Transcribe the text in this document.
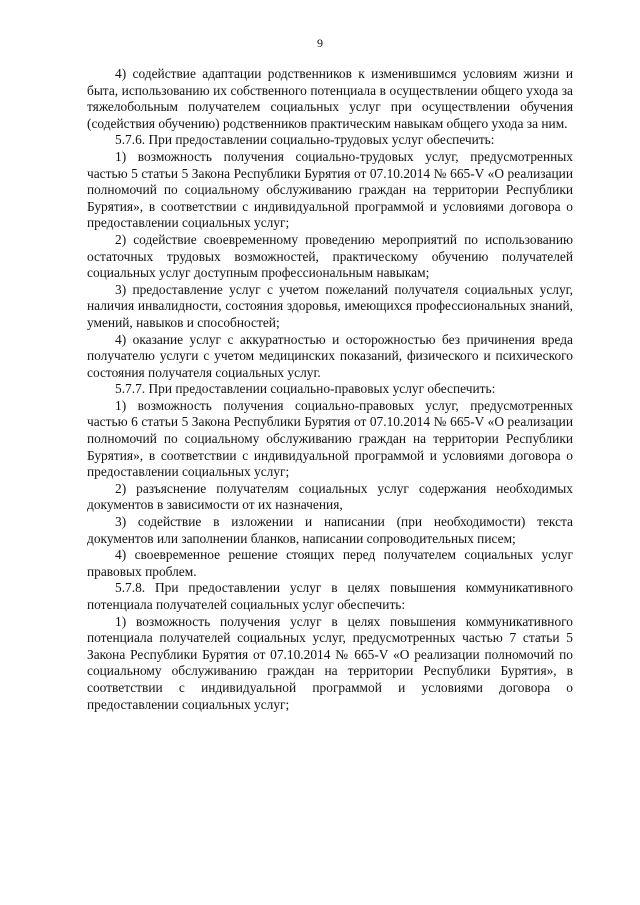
9

4) содействие адаптации родственников к изменившимся условиям жизни и быта, использованию их собственного потенциала в осуществлении общего ухода за тяжелобольным получателем социальных услуг при осуществлении обучения (содействия обучению) родственников практическим навыкам общего ухода за ним.

5.7.6. При предоставлении социально-трудовых услуг обеспечить:

1) возможность получения социально-трудовых услуг, предусмотренных частью 5 статьи 5 Закона Республики Бурятия от 07.10.2014 № 665-V «О реализации полномочий по социальному обслуживанию граждан на территории Республики Бурятия», в соответствии с индивидуальной программой и условиями договора о предоставлении социальных услуг;

2) содействие своевременному проведению мероприятий по использованию остаточных трудовых возможностей, практическому обучению получателей социальных услуг доступным профессиональным навыкам;

3) предоставление услуг с учетом пожеланий получателя социальных услуг, наличия инвалидности, состояния здоровья, имеющихся профессиональных знаний, умений, навыков и способностей;

4) оказание услуг с аккуратностью и осторожностью без причинения вреда получателю услуги с учетом медицинских показаний, физического и психического состояния получателя социальных услуг.

5.7.7. При предоставлении социально-правовых услуг обеспечить:

1) возможность получения социально-правовых услуг, предусмотренных частью 6 статьи 5 Закона Республики Бурятия от 07.10.2014 № 665-V «О реализации полномочий по социальному обслуживанию граждан на территории Республики Бурятия», в соответствии с индивидуальной программой и условиями договора о предоставлении социальных услуг;

2) разъяснение получателям социальных услуг содержания необходимых документов в зависимости от их назначения,

3) содействие в изложении и написании (при необходимости) текста документов или заполнении бланков, написании сопроводительных писем;

4) своевременное решение стоящих перед получателем социальных услуг правовых проблем.

5.7.8. При предоставлении услуг в целях повышения коммуникативного потенциала получателей социальных услуг обеспечить:

1) возможность получения услуг в целях повышения коммуникативного потенциала получателей социальных услуг, предусмотренных частью 7 статьи 5 Закона Республики Бурятия от 07.10.2014 № 665-V «О реализации полномочий по социальному обслуживанию граждан на территории Республики Бурятия», в соответствии с индивидуальной программой и условиями договора о предоставлении социальных услуг;
